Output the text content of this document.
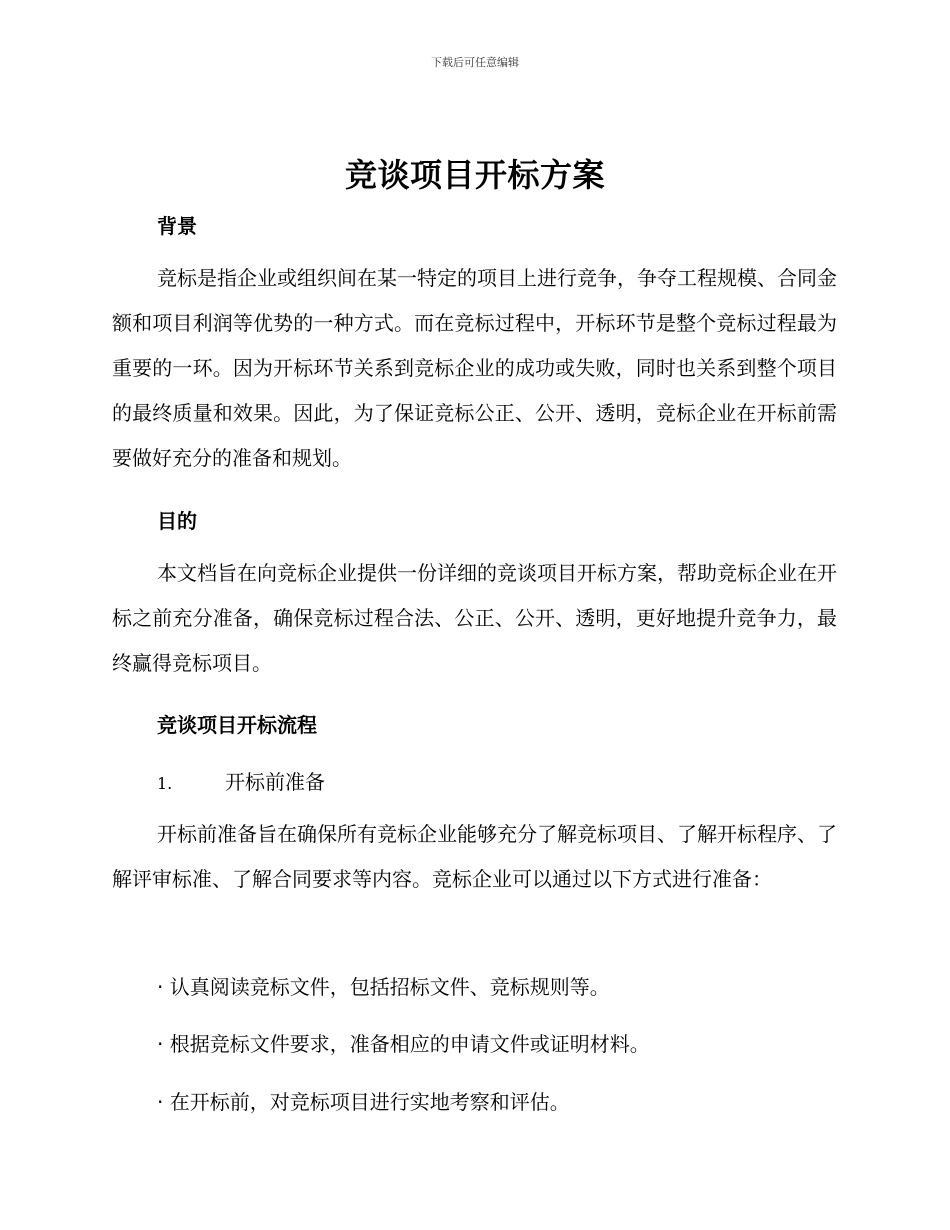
下载后可任意编辑
竞谈项目开标方案
背景

竞标是指企业或组织间在某一特定的项目上进行竞争，争夺工程规模、合同金额和项目利润等优势的一种方式。而在竞标过程中，开标环节是整个竞标过程最为重要的一环。因为开标环节关系到竞标企业的成功或失败，同时也关系到整个项目的最终质量和效果。因此，为了保证竞标公正、公开、透明，竞标企业在开标前需要做好充分的准备和规划。

目的

本文档旨在向竞标企业提供一份详细的竞谈项目开标方案，帮助竞标企业在开标之前充分准备，确保竞标过程合法、公正、公开、透明，更好地提升竞争力，最终赢得竞标项目。

竞谈项目开标流程
1.	开标前准备

开标前准备旨在确保所有竞标企业能够充分了解竞标项目、了解开标程序、了解评审标准、了解合同要求等内容。竞标企业可以通过以下方式进行准备：

· 认真阅读竞标文件，包括招标文件、竞标规则等。

· 根据竞标文件要求，准备相应的申请文件或证明材料。

· 在开标前，对竞标项目进行实地考察和评估。
